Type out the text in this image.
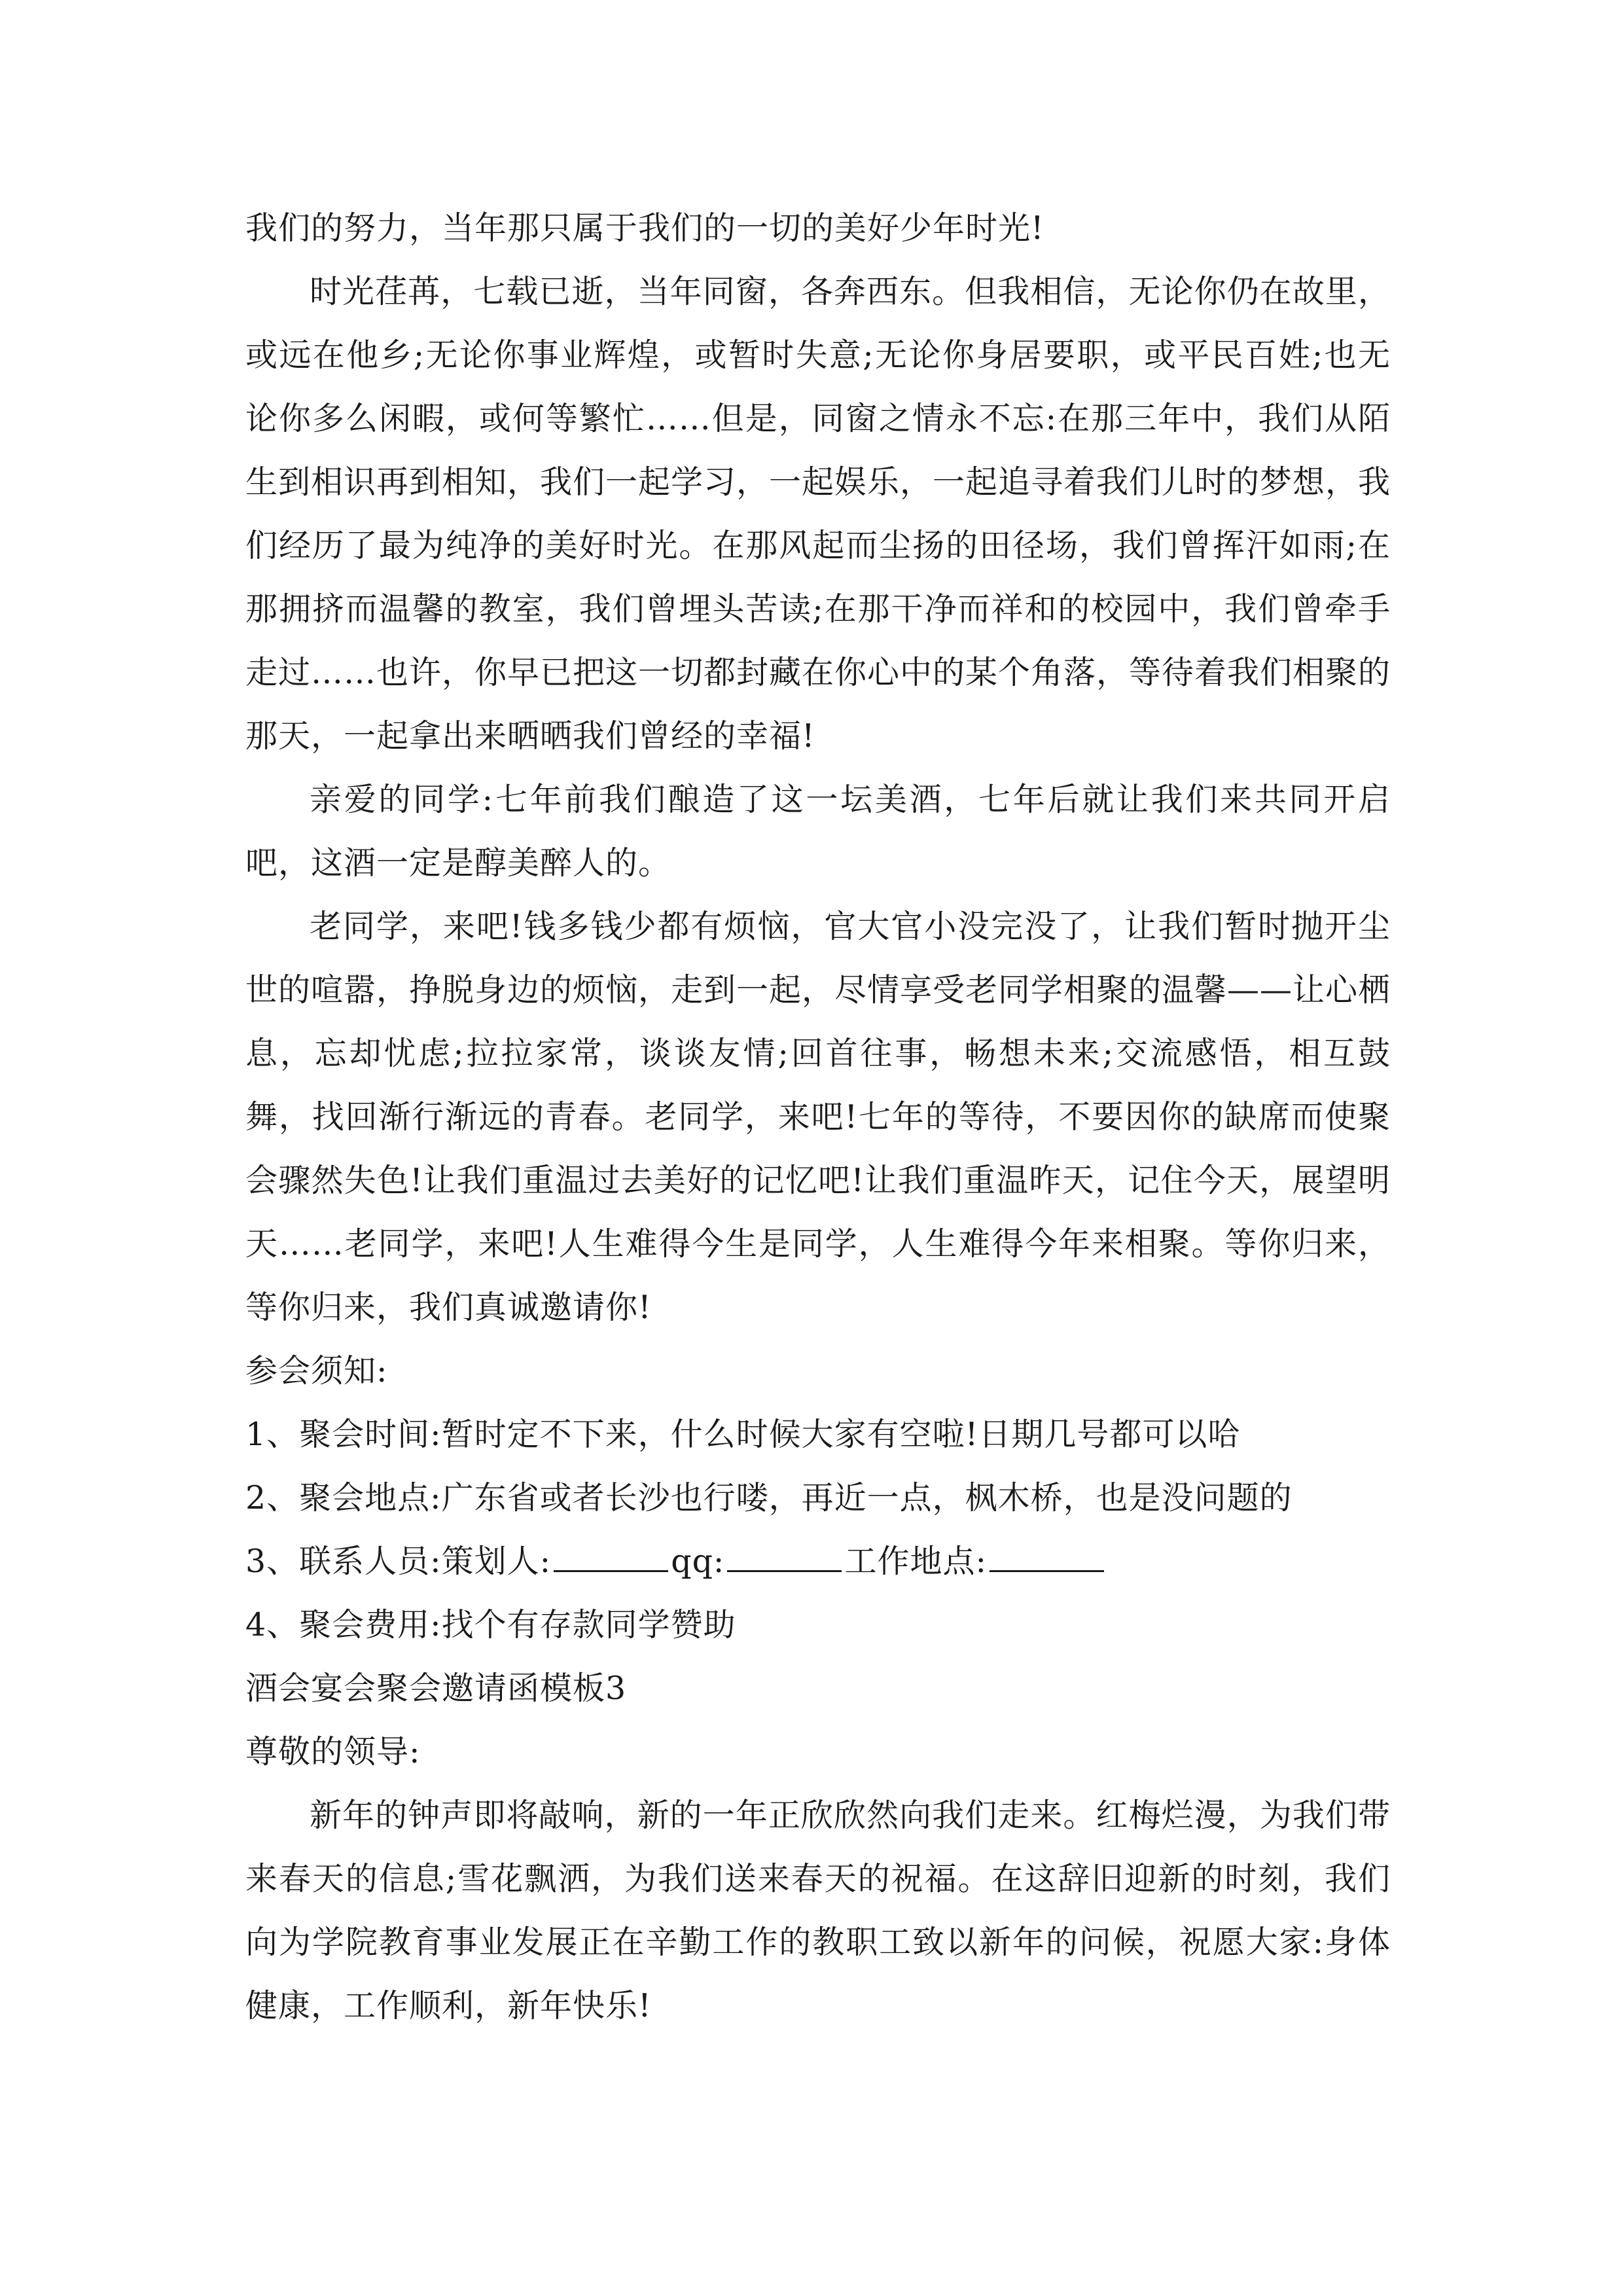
我们的努力，当年那只属于我们的一切的美好少年时光!

时光荏苒，七载已逝，当年同窗，各奔西东。但我相信，无论你仍在故里，或远在他乡;无论你事业辉煌，或暂时失意;无论你身居要职，或平民百姓;也无论你多么闲暇，或何等繁忙……但是，同窗之情永不忘:在那三年中，我们从陌生到相识再到相知，我们一起学习，一起娱乐，一起追寻着我们儿时的梦想，我们经历了最为纯净的美好时光。在那风起而尘扬的田径场，我们曾挥汗如雨;在那拥挤而温馨的教室，我们曾埋头苦读;在那干净而祥和的校园中，我们曾牵手走过……也许，你早已把这一切都封藏在你心中的某个角落，等待着我们相聚的那天，一起拿出来晒晒我们曾经的幸福!

亲爱的同学:七年前我们酿造了这一坛美酒，七年后就让我们来共同开启吧，这酒一定是醇美醉人的。

老同学，来吧!钱多钱少都有烦恼，官大官小没完没了，让我们暂时抛开尘世的喧嚣，挣脱身边的烦恼，走到一起，尽情享受老同学相聚的温馨——让心栖息，忘却忧虑;拉拉家常，谈谈友情;回首往事，畅想未来;交流感悟，相互鼓舞，找回渐行渐远的青春。老同学，来吧!七年的等待，不要因你的缺席而使聚会骤然失色!让我们重温过去美好的记忆吧!让我们重温昨天，记住今天，展望明天……老同学，来吧!人生难得今生是同学，人生难得今年来相聚。等你归来，等你归来，我们真诚邀请你!

参会须知:

1、聚会时间:暂时定不下来，什么时候大家有空啦!日期几号都可以哈

2、聚会地点:广东省或者长沙也行喽，再近一点，枫木桥，也是没问题的

3、联系人员:策划人:	qq:	工作地点:

4、聚会费用:找个有存款同学赞助

酒会宴会聚会邀请函模板3

尊敬的领导:

新年的钟声即将敲响，新的一年正欣欣然向我们走来。红梅烂漫，为我们带来春天的信息;雪花飘洒，为我们送来春天的祝福。在这辞旧迎新的时刻，我们向为学院教育事业发展正在辛勤工作的教职工致以新年的问候，祝愿大家:身体健康，工作顺利，新年快乐!
